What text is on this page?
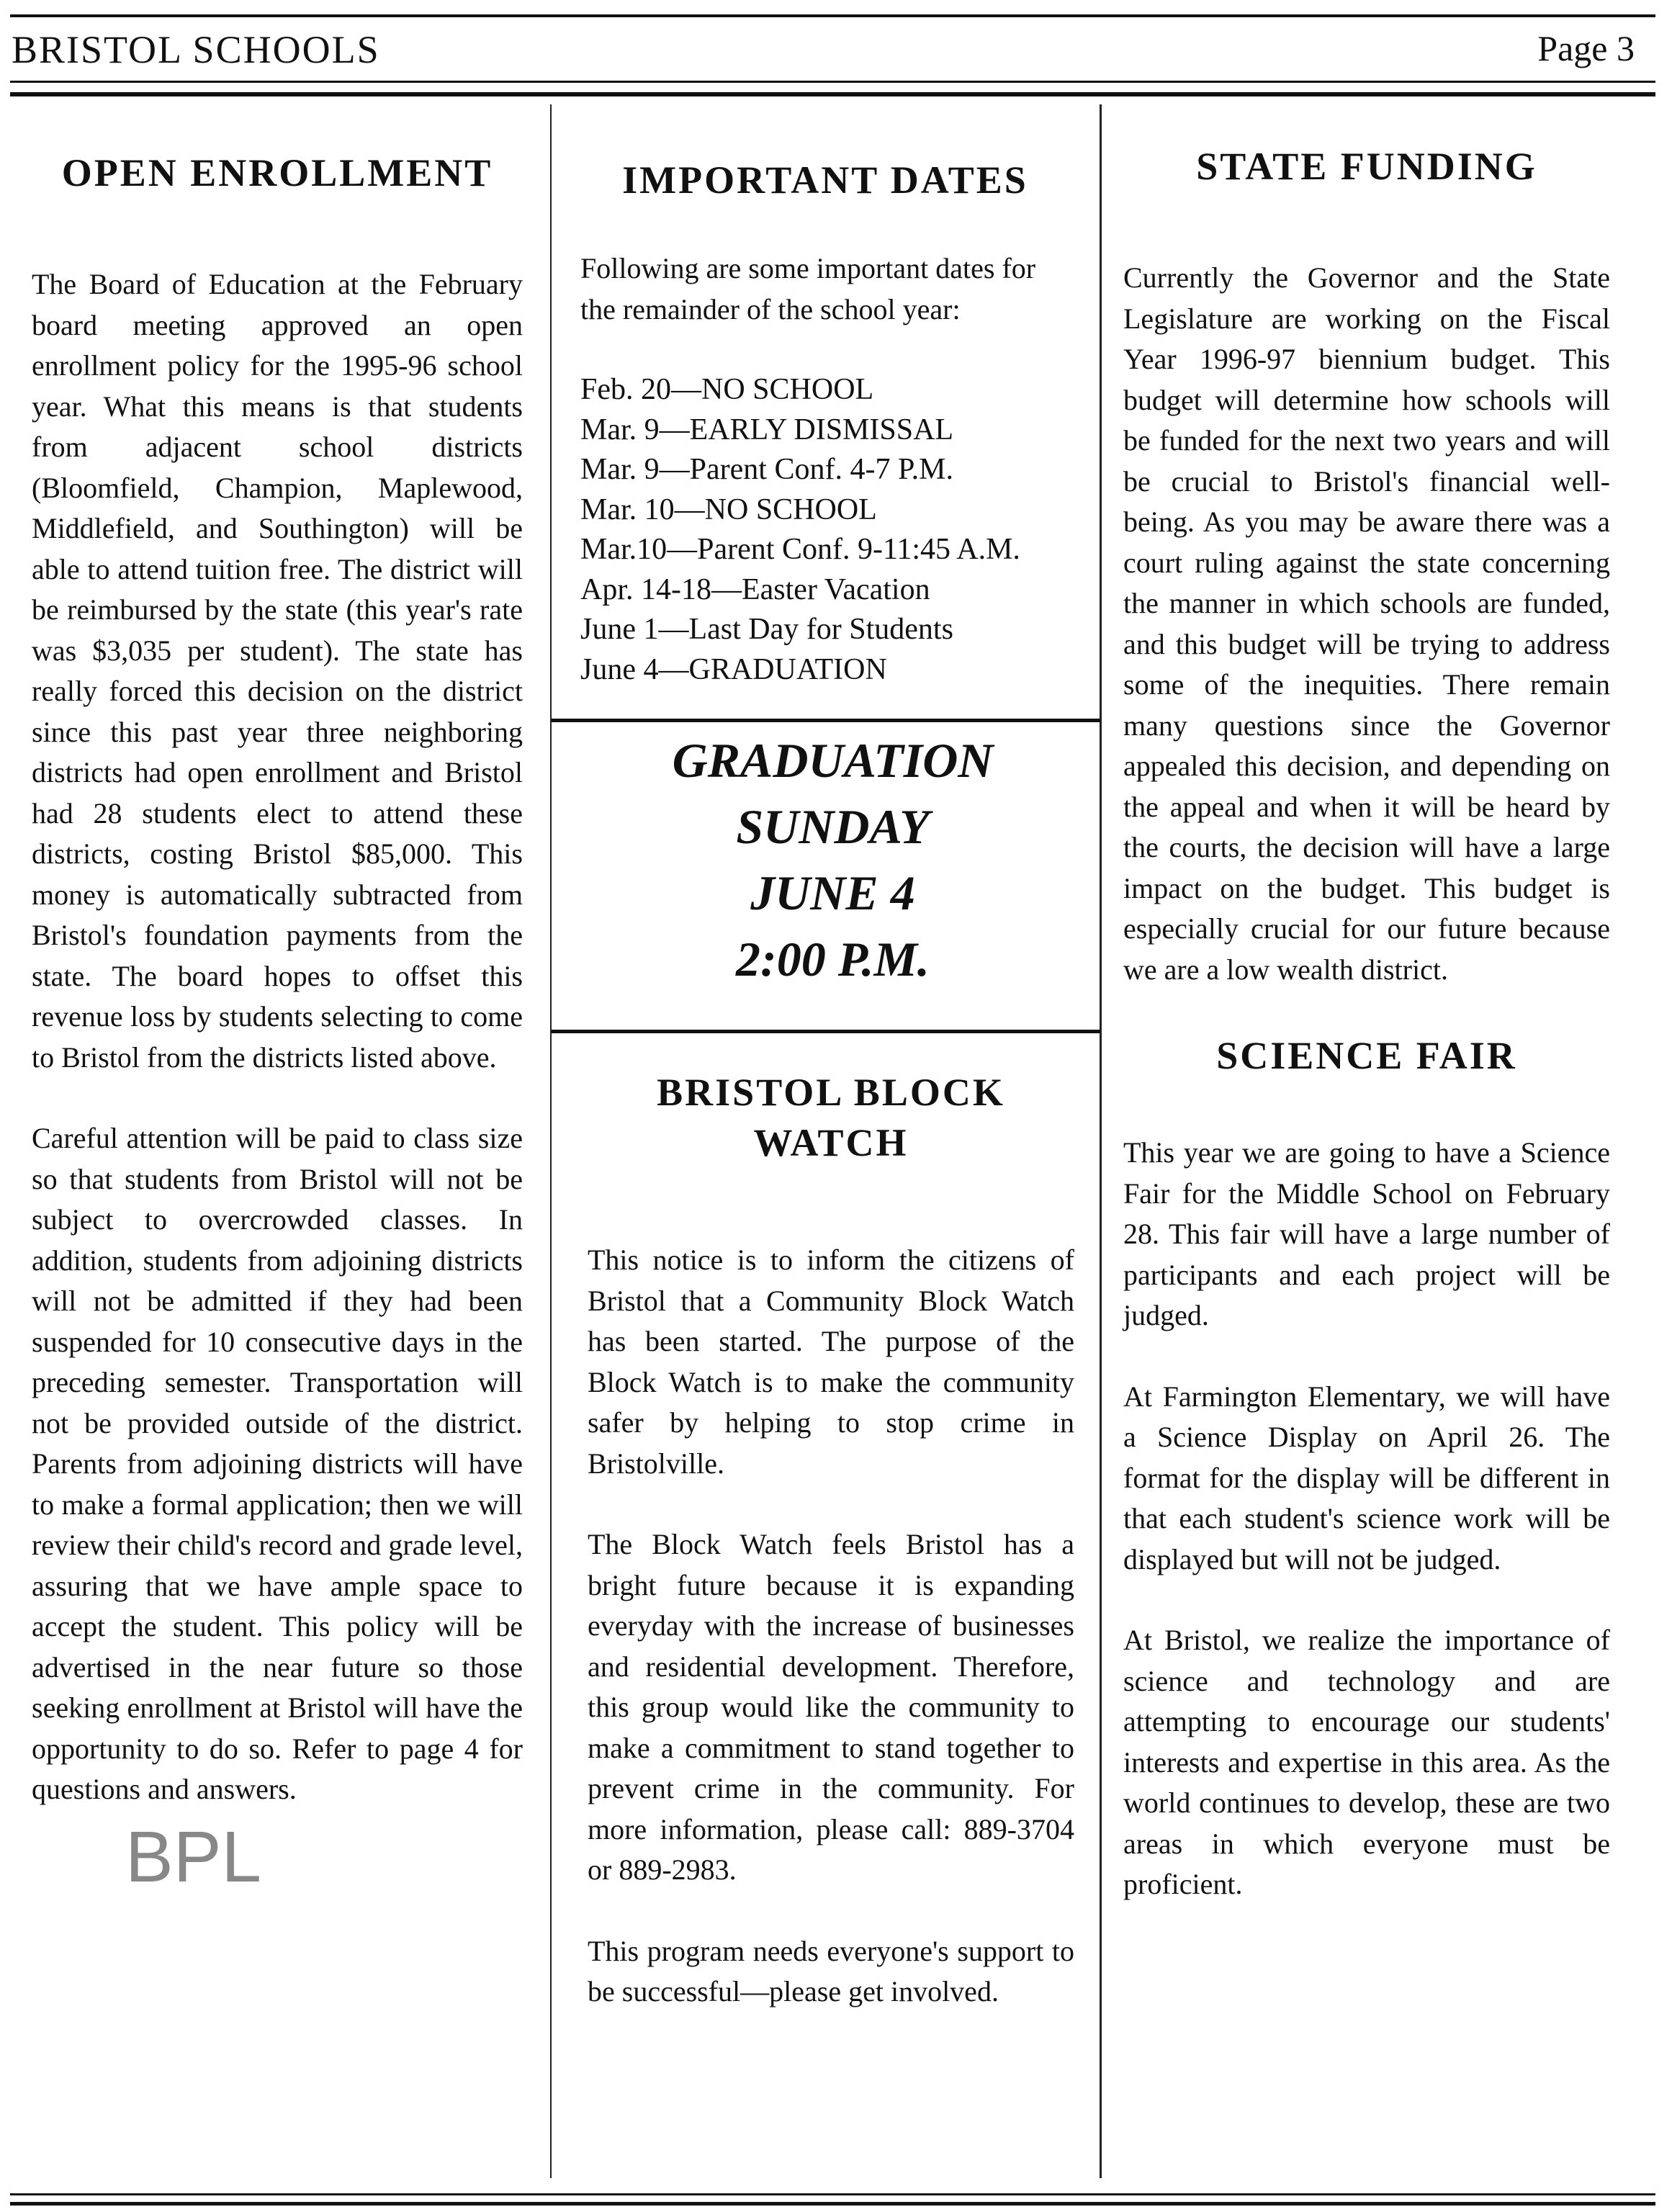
BRISTOL SCHOOLS	Page 3
OPEN ENROLLMENT

The Board of Education at the February board meeting approved an open enrollment policy for the 1995-96 school year. What this means is that students from adjacent school districts (Bloomfield, Champion, Maplewood, Middlefield, and Southington) will be able to attend tuition free. The district will be reimbursed by the state (this year's rate was $3,035 per student). The state has really forced this decision on the district since this past year three neighboring districts had open enrollment and Bristol had 28 students elect to attend these districts, costing Bristol $85,000. This money is automatically subtracted from Bristol's foundation payments from the state. The board hopes to offset this revenue loss by students selecting to come to Bristol from the districts listed above.

Careful attention will be paid to class size so that students from Bristol will not be subject to overcrowded classes. In addition, students from adjoining districts will not be admitted if they had been suspended for 10 consecutive days in the preceding semester. Transportation will not be provided outside of the district. Parents from adjoining districts will have to make a formal application; then we will review their child's record and grade level, assuring that we have ample space to accept the student. This policy will be advertised in the near future so those seeking enrollment at Bristol will have the opportunity to do so. Refer to page 4 for questions and answers.

BPL
IMPORTANT DATES
Following are some important dates for the remainder of the school year:
Feb. 20—NO SCHOOL
Mar. 9—EARLY DISMISSAL
Mar. 9—Parent Conf. 4-7 P.M.
Mar. 10—NO SCHOOL
Mar.10—Parent Conf. 9-11:45 A.M.
Apr. 14-18—Easter Vacation
June 1—Last Day for Students
June 4—GRADUATION
GRADUATION
SUNDAY
JUNE 4
2:00 P.M.
BRISTOL BLOCK
WATCH

This notice is to inform the citizens of Bristol that a Community Block Watch has been started. The purpose of the Block Watch is to make the community safer by helping to stop crime in Bristolville.

The Block Watch feels Bristol has a bright future because it is expanding everyday with the increase of businesses and residential development. Therefore, this group would like the community to make a commitment to stand together to prevent crime in the community. For more information, please call: 889-3704 or 889-2983.

This program needs everyone's support to be successful—please get involved.

STATE FUNDING

Currently the Governor and the State Legislature are working on the Fiscal Year 1996-97 biennium budget. This budget will determine how schools will be funded for the next two years and will be crucial to Bristol's financial well-being. As you may be aware there was a court ruling against the state concerning the manner in which schools are funded, and this budget will be trying to address some of the inequities. There remain many questions since the Governor appealed this decision, and depending on the appeal and when it will be heard by the courts, the decision will have a large impact on the budget. This budget is especially crucial for our future because we are a low wealth district.

SCIENCE FAIR

This year we are going to have a Science Fair for the Middle School on February 28. This fair will have a large number of participants and each project will be judged.

At Farmington Elementary, we will have a Science Display on April 26. The format for the display will be different in that each student's science work will be displayed but will not be judged.

At Bristol, we realize the importance of science and technology and are attempting to encourage our students' interests and expertise in this area. As the world continues to develop, these are two areas in which everyone must be proficient.
